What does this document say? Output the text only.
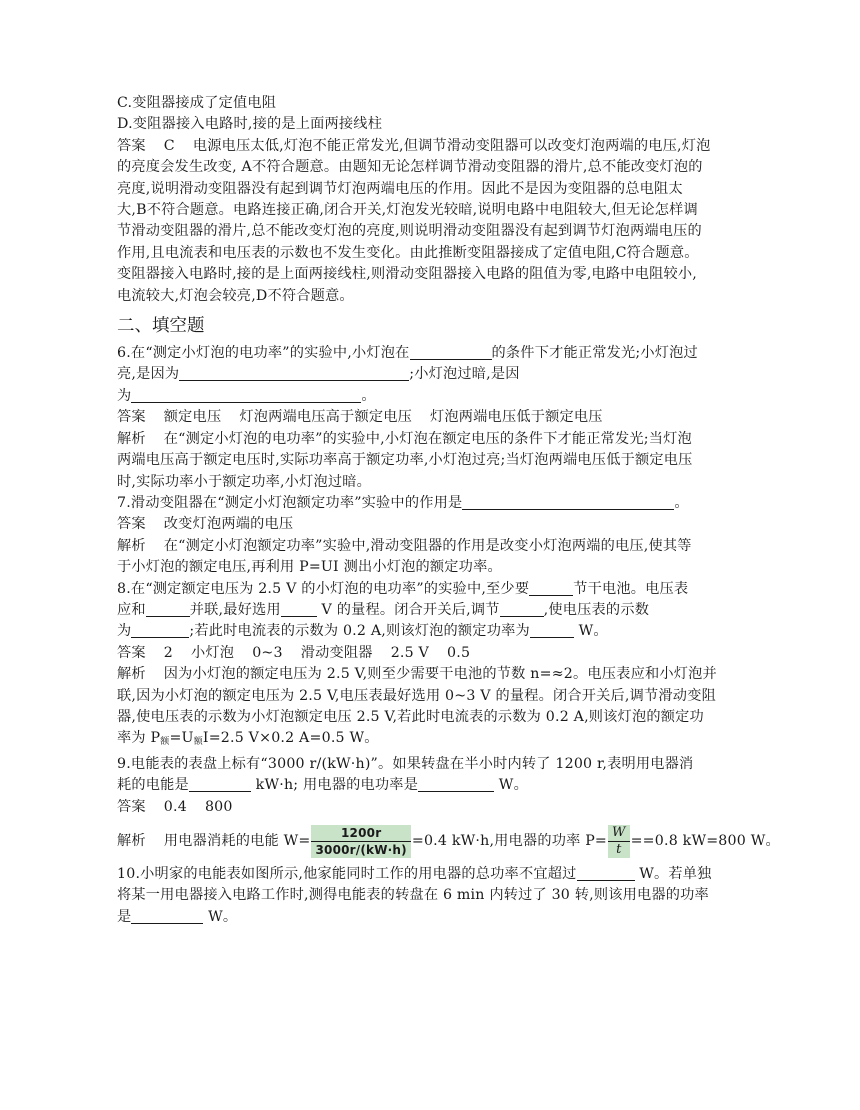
C.变阻器接成了定值电阻
D.变阻器接入电路时,接的是上面两接线柱
答案 C 电源电压太低,灯泡不能正常发光,但调节滑动变阻器可以改变灯泡两端的电压,灯泡
的亮度会发生改变, A不符合题意。由题知无论怎样调节滑动变阻器的滑片,总不能改变灯泡的
亮度,说明滑动变阻器没有起到调节灯泡两端电压的作用。因此不是因为变阻器的总电阻太
大,B不符合题意。电路连接正确,闭合开关,灯泡发光较暗,说明电路中电阻较大,但无论怎样调
节滑动变阻器的滑片,总不能改变灯泡的亮度,则说明滑动变阻器没有起到调节灯泡两端电压的
作用,且电流表和电压表的示数也不发生变化。由此推断变阻器接成了定值电阻,C符合题意。
变阻器接入电路时,接的是上面两接线柱,则滑动变阻器接入电路的阻值为零,电路中电阻较小,
电流较大,灯泡会较亮,D不符合题意。
二、填空题
6.在“测定小灯泡的电功率”的实验中,小灯泡在	的条件下才能正常发光;小灯泡过
亮,是因为	;小灯泡过暗,是因
为	。
答案 额定电压 灯泡两端电压高于额定电压 灯泡两端电压低于额定电压
解析 在“测定小灯泡的电功率”的实验中,小灯泡在额定电压的条件下才能正常发光;当灯泡
两端电压高于额定电压时,实际功率高于额定功率,小灯泡过亮;当灯泡两端电压低于额定电压
时,实际功率小于额定功率,小灯泡过暗。
7.滑动变阻器在“测定小灯泡额定功率”实验中的作用是	。
答案 改变灯泡两端的电压
解析 在“测定小灯泡额定功率”实验中,滑动变阻器的作用是改变小灯泡两端的电压,使其等
于小灯泡的额定电压,再利用 P=UI 测出小灯泡的额定功率。
8.在“测定额定电压为 2.5 V 的小灯泡的电功率”的实验中,至少要	节干电池。电压表
应和	并联,最好选用	V 的量程。闭合开关后,调节	,使电压表的示数
为	;若此时电流表的示数为 0.2 A,则该灯泡的额定功率为	W。
答案 2 小灯泡 0~3 滑动变阻器 2.5 V 0.5
解析 因为小灯泡的额定电压为 2.5 V,则至少需要干电池的节数 n=≈2。电压表应和小灯泡并
联,因为小灯泡的额定电压为 2.5 V,电压表最好选用 0~3 V 的量程。闭合开关后,调节滑动变阻
器,使电压表的示数为小灯泡额定电压 2.5 V,若此时电流表的示数为 0.2 A,则该灯泡的额定功
率为 $P_额=U_额I=2.5$ V×0.2 A=0.5 W。
9.电能表的表盘上标有“3000 r/(kW·h)”。如果转盘在半小时内转了 1200 r,表明用电器消
耗的电能是	kW·h; 用电器的电功率是	W。
答案 0.4 800
解析 用电器消耗的电能 $W= \frac{1200r}{3000r/(kW\cdot h)} =0.4$ kW·h,用电器的功率 $P= \frac{W}{t} ==0.8$ kW=800 W。
10.小明家的电能表如图所示,他家能同时工作的用电器的总功率不宜超过	W。若单独
将某一用电器接入电路工作时,测得电能表的转盘在 6 min 内转过了 30 转,则该用电器的功率
是	W。
